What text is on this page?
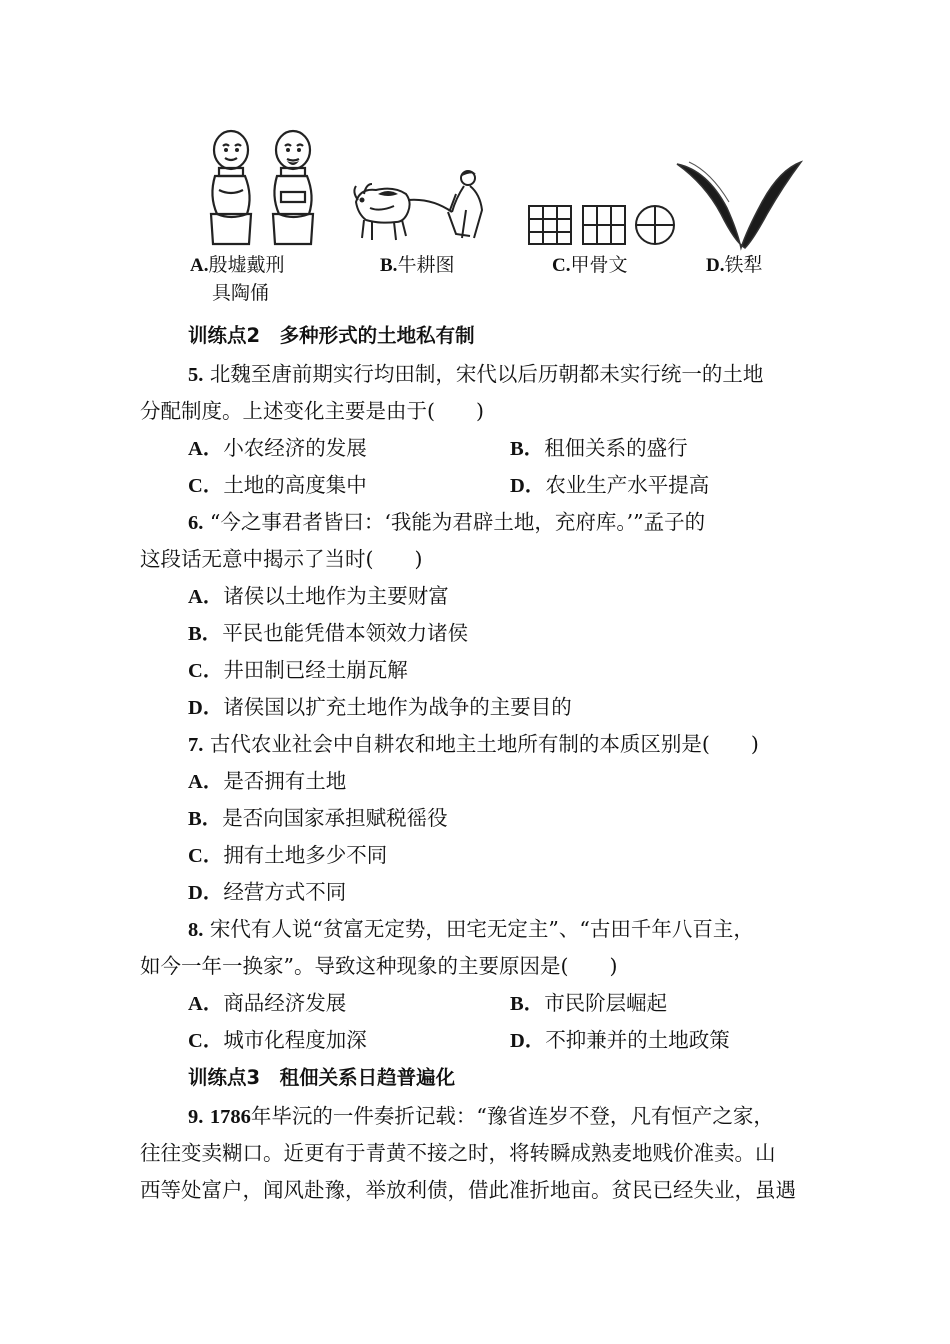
A.殷墟戴刑
具陶俑
B.牛耕图	C.甲骨文	D.铁犁
训练点2　多种形式的土地私有制
5. 北魏至唐前期实行均田制，宋代以后历朝都未实行统一的土地
分配制度。上述变化主要是由于(　　)
A．小农经济的发展	B．租佃关系的盛行
C．土地的高度集中	D．农业生产水平提高
6. “今之事君者皆曰：‘我能为君辟土地，充府库。’”孟子的
这段话无意中揭示了当时(　　)
A．诸侯以土地作为主要财富
B．平民也能凭借本领效力诸侯
C．井田制已经土崩瓦解
D．诸侯国以扩充土地作为战争的主要目的
7. 古代农业社会中自耕农和地主土地所有制的本质区别是(　　)
A．是否拥有土地
B．是否向国家承担赋税徭役
C．拥有土地多少不同
D．经营方式不同
8. 宋代有人说“贫富无定势，田宅无定主”、“古田千年八百主，
如今一年一换家”。导致这种现象的主要原因是(　　)
A．商品经济发展	B．市民阶层崛起
C．城市化程度加深	D．不抑兼并的土地政策
训练点3　租佃关系日趋普遍化
9. 1786年毕沅的一件奏折记载：“豫省连岁不登，凡有恒产之家，
往往变卖糊口。近更有于青黄不接之时，将转瞬成熟麦地贱价准卖。山
西等处富户，闻风赴豫，举放利债，借此准折地亩。贫民已经失业，虽遇
